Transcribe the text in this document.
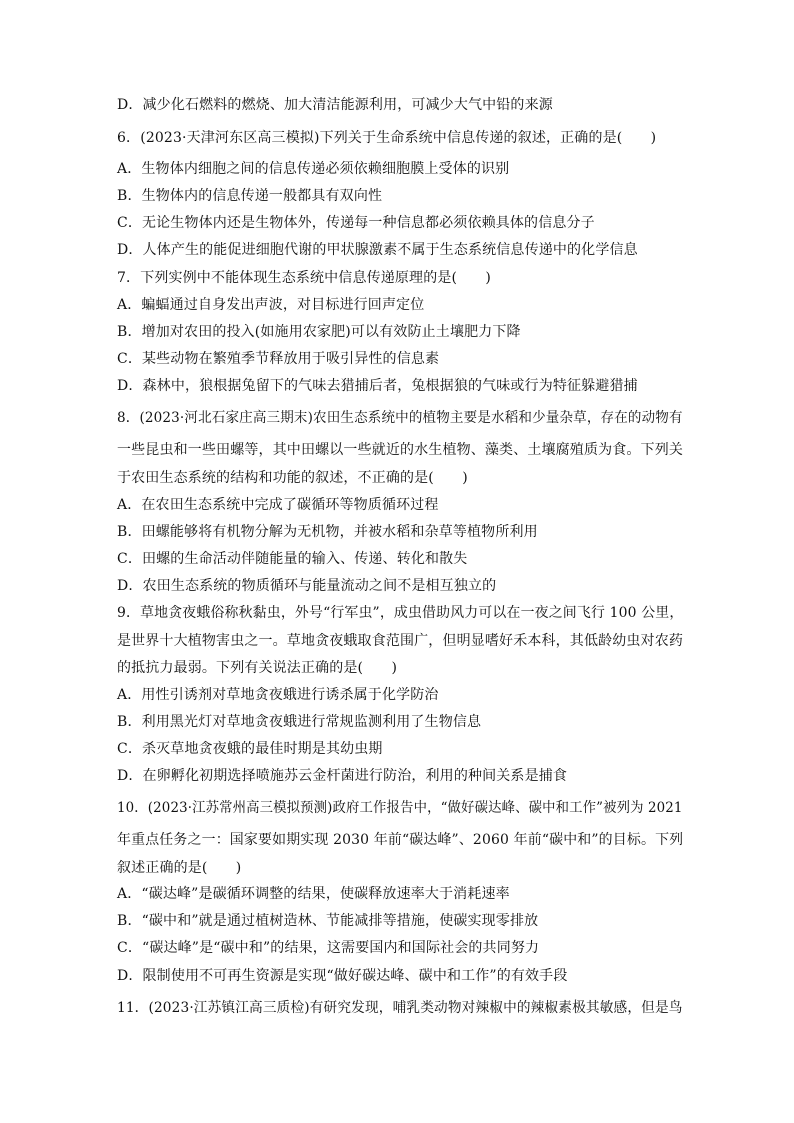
D．减少化石燃料的燃烧、加大清洁能源利用，可减少大气中铅的来源
6．(2023·天津河东区高三模拟)下列关于生命系统中信息传递的叙述，正确的是(　　)
A．生物体内细胞之间的信息传递必须依赖细胞膜上受体的识别
B．生物体内的信息传递一般都具有双向性
C．无论生物体内还是生物体外，传递每一种信息都必须依赖具体的信息分子
D．人体产生的能促进细胞代谢的甲状腺激素不属于生态系统信息传递中的化学信息
7．下列实例中不能体现生态系统中信息传递原理的是(　　)
A．蝙蝠通过自身发出声波，对目标进行回声定位
B．增加对农田的投入(如施用农家肥)可以有效防止土壤肥力下降
C．某些动物在繁殖季节释放用于吸引异性的信息素
D．森林中，狼根据兔留下的气味去猎捕后者，兔根据狼的气味或行为特征躲避猎捕
8．(2023·河北石家庄高三期末)农田生态系统中的植物主要是水稻和少量杂草，存在的动物有
一些昆虫和一些田螺等，其中田螺以一些就近的水生植物、藻类、土壤腐殖质为食。下列关
于农田生态系统的结构和功能的叙述，不正确的是(　　)
A．在农田生态系统中完成了碳循环等物质循环过程
B．田螺能够将有机物分解为无机物，并被水稻和杂草等植物所利用
C．田螺的生命活动伴随能量的输入、传递、转化和散失
D．农田生态系统的物质循环与能量流动之间不是相互独立的
9．草地贪夜蛾俗称秋黏虫，外号“行军虫”，成虫借助风力可以在一夜之间飞行 100 公里，
是世界十大植物害虫之一。草地贪夜蛾取食范围广，但明显嗜好禾本科，其低龄幼虫对农药
的抵抗力最弱。下列有关说法正确的是(　　)
A．用性引诱剂对草地贪夜蛾进行诱杀属于化学防治
B．利用黑光灯对草地贪夜蛾进行常规监测利用了生物信息
C．杀灭草地贪夜蛾的最佳时期是其幼虫期
D．在卵孵化初期选择喷施苏云金杆菌进行防治，利用的种间关系是捕食
10．(2023·江苏常州高三模拟预测)政府工作报告中，“做好碳达峰、碳中和工作”被列为 2021
年重点任务之一：国家要如期实现 2030 年前“碳达峰”、2060 年前“碳中和”的目标。下列
叙述正确的是(　　)
A．“碳达峰”是碳循环调整的结果，使碳释放速率大于消耗速率
B．“碳中和”就是通过植树造林、节能减排等措施，使碳实现零排放
C．“碳达峰”是“碳中和”的结果，这需要国内和国际社会的共同努力
D．限制使用不可再生资源是实现“做好碳达峰、碳中和工作”的有效手段
11．(2023·江苏镇江高三质检)有研究发现，哺乳类动物对辣椒中的辣椒素极其敏感，但是鸟
